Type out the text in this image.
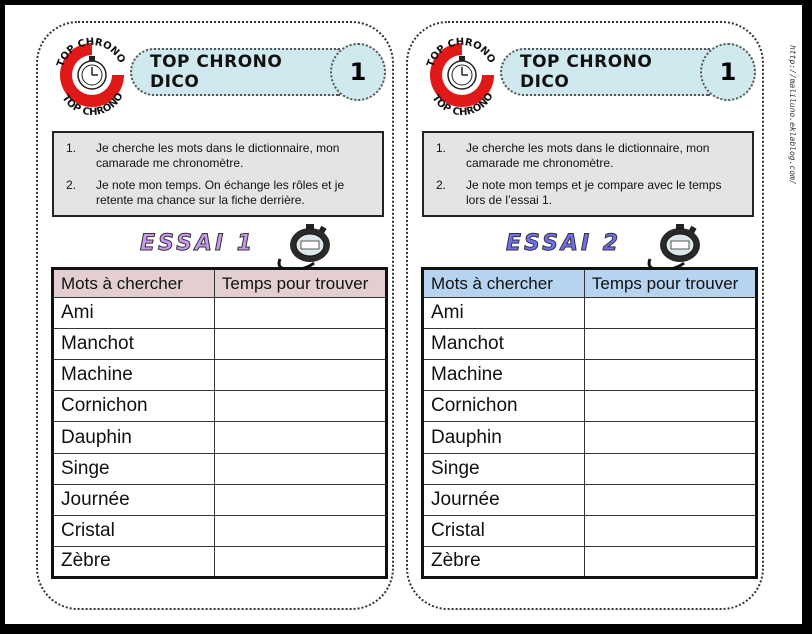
TOP CHRONO
TOP CHRONO
TOP CHRONO DICO	1
1.	Je cherche les mots dans le dictionnaire, mon camarade me chronomètre.
2.	Je note mon temps. On échange les rôles et je retente ma chance sur la fiche derrière.
ESSAI 1
Mots à chercher	Temps pour trouver
Ami	
Manchot	
Machine	
Cornichon	
Dauphin	
Singe	
Journée	
Cristal	
Zèbre	
TOP CHRONO
TOP CHRONO
TOP CHRONO DICO	1
1.	Je cherche les mots dans le dictionnaire, mon camarade me chronomètre.
2.	Je note mon temps et je compare avec le temps lors de l’essai 1.
ESSAI 2
Mots à chercher	Temps pour trouver
Ami	
Manchot	
Machine	
Cornichon	
Dauphin	
Singe	
Journée	
Cristal	
Zèbre	
http://maliluno.eklablog.com/
